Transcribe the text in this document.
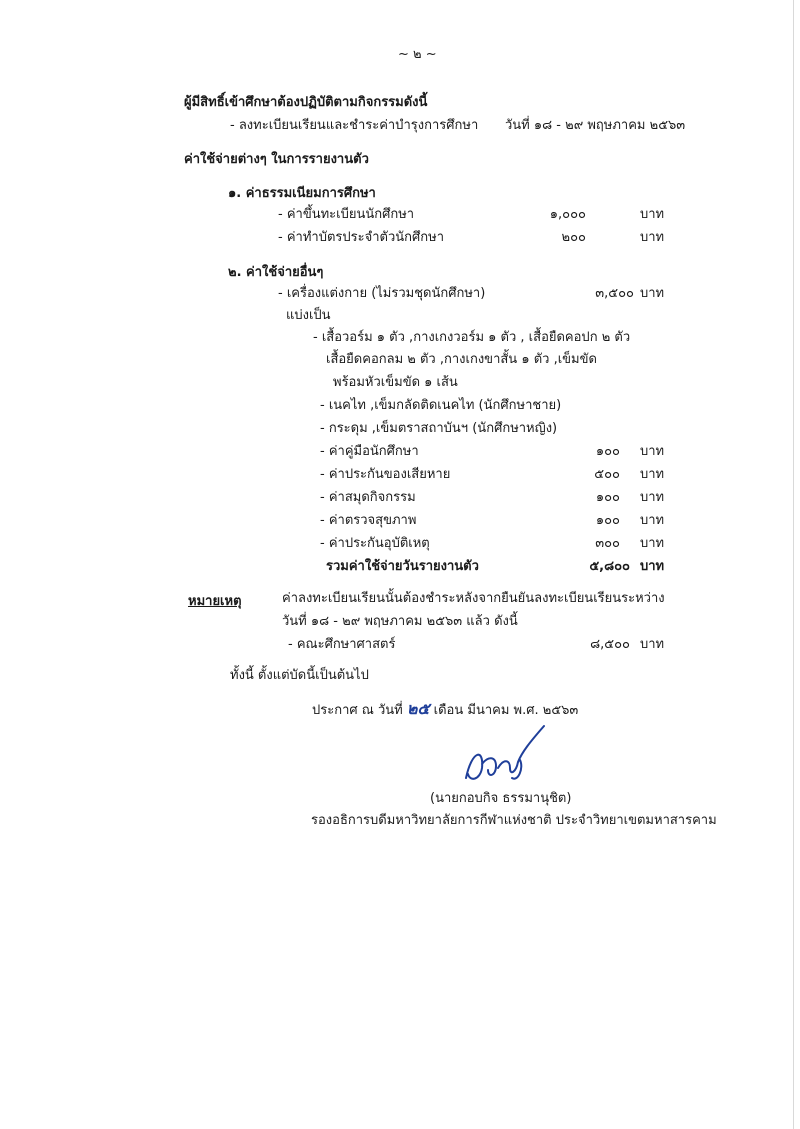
~ ๒ ~
ผู้มีสิทธิ์เข้าศึกษาต้องปฏิบัติตามกิจกรรมดังนี้
- ลงทะเบียนเรียนและชำระค่าบำรุงการศึกษา วันที่ ๑๘ - ๒๙ พฤษภาคม ๒๕๖๓
ค่าใช้จ่ายต่างๆ ในการรายงานตัว
๑. ค่าธรรมเนียมการศึกษา
- ค่าขึ้นทะเบียนนักศึกษา	๑,๐๐๐	บาท
- ค่าทำบัตรประจำตัวนักศึกษา	๒๐๐	บาท
๒. ค่าใช้จ่ายอื่นๆ
- เครื่องแต่งกาย (ไม่รวมชุดนักศึกษา)	๓,๕๐๐ บาท
แบ่งเป็น
- เสื้อวอร์ม ๑ ตัว ,กางเกงวอร์ม ๑ ตัว , เสื้อยืดคอปก ๒ ตัว
เสื้อยืดคอกลม ๒ ตัว ,กางเกงขาสั้น ๑ ตัว ,เข็มขัด
พร้อมหัวเข็มขัด ๑ เส้น
- เนคไท ,เข็มกลัดติดเนคไท (นักศึกษาชาย)
- กระดุม ,เข็มตราสถาบันฯ (นักศึกษาหญิง)
- ค่าคู่มือนักศึกษา	๑๐๐ บาท
- ค่าประกันของเสียหาย	๕๐๐ บาท
- ค่าสมุดกิจกรรม	๑๐๐ บาท
- ค่าตรวจสุขภาพ	๑๐๐ บาท
- ค่าประกันอุบัติเหตุ	๓๐๐ บาท
รวมค่าใช้จ่ายวันรายงานตัว	๕,๘๐๐ บาท
หมายเหตุ	ค่าลงทะเบียนเรียนนั้นต้องชำระหลังจากยืนยันลงทะเบียนเรียนระหว่าง
วันที่ ๑๘ - ๒๙ พฤษภาคม ๒๕๖๓ แล้ว ดังนี้
- คณะศึกษาศาสตร์	๘,๕๐๐ บาท
ทั้งนี้ ตั้งแต่บัดนี้เป็นต้นไป
ประกาศ ณ วันที่ ๒๕ เดือน มีนาคม พ.ศ. ๒๕๖๓
(นายกอบกิจ ธรรมานุชิต)
รองอธิการบดีมหาวิทยาลัยการกีฬาแห่งชาติ ประจำวิทยาเขตมหาสารคาม
